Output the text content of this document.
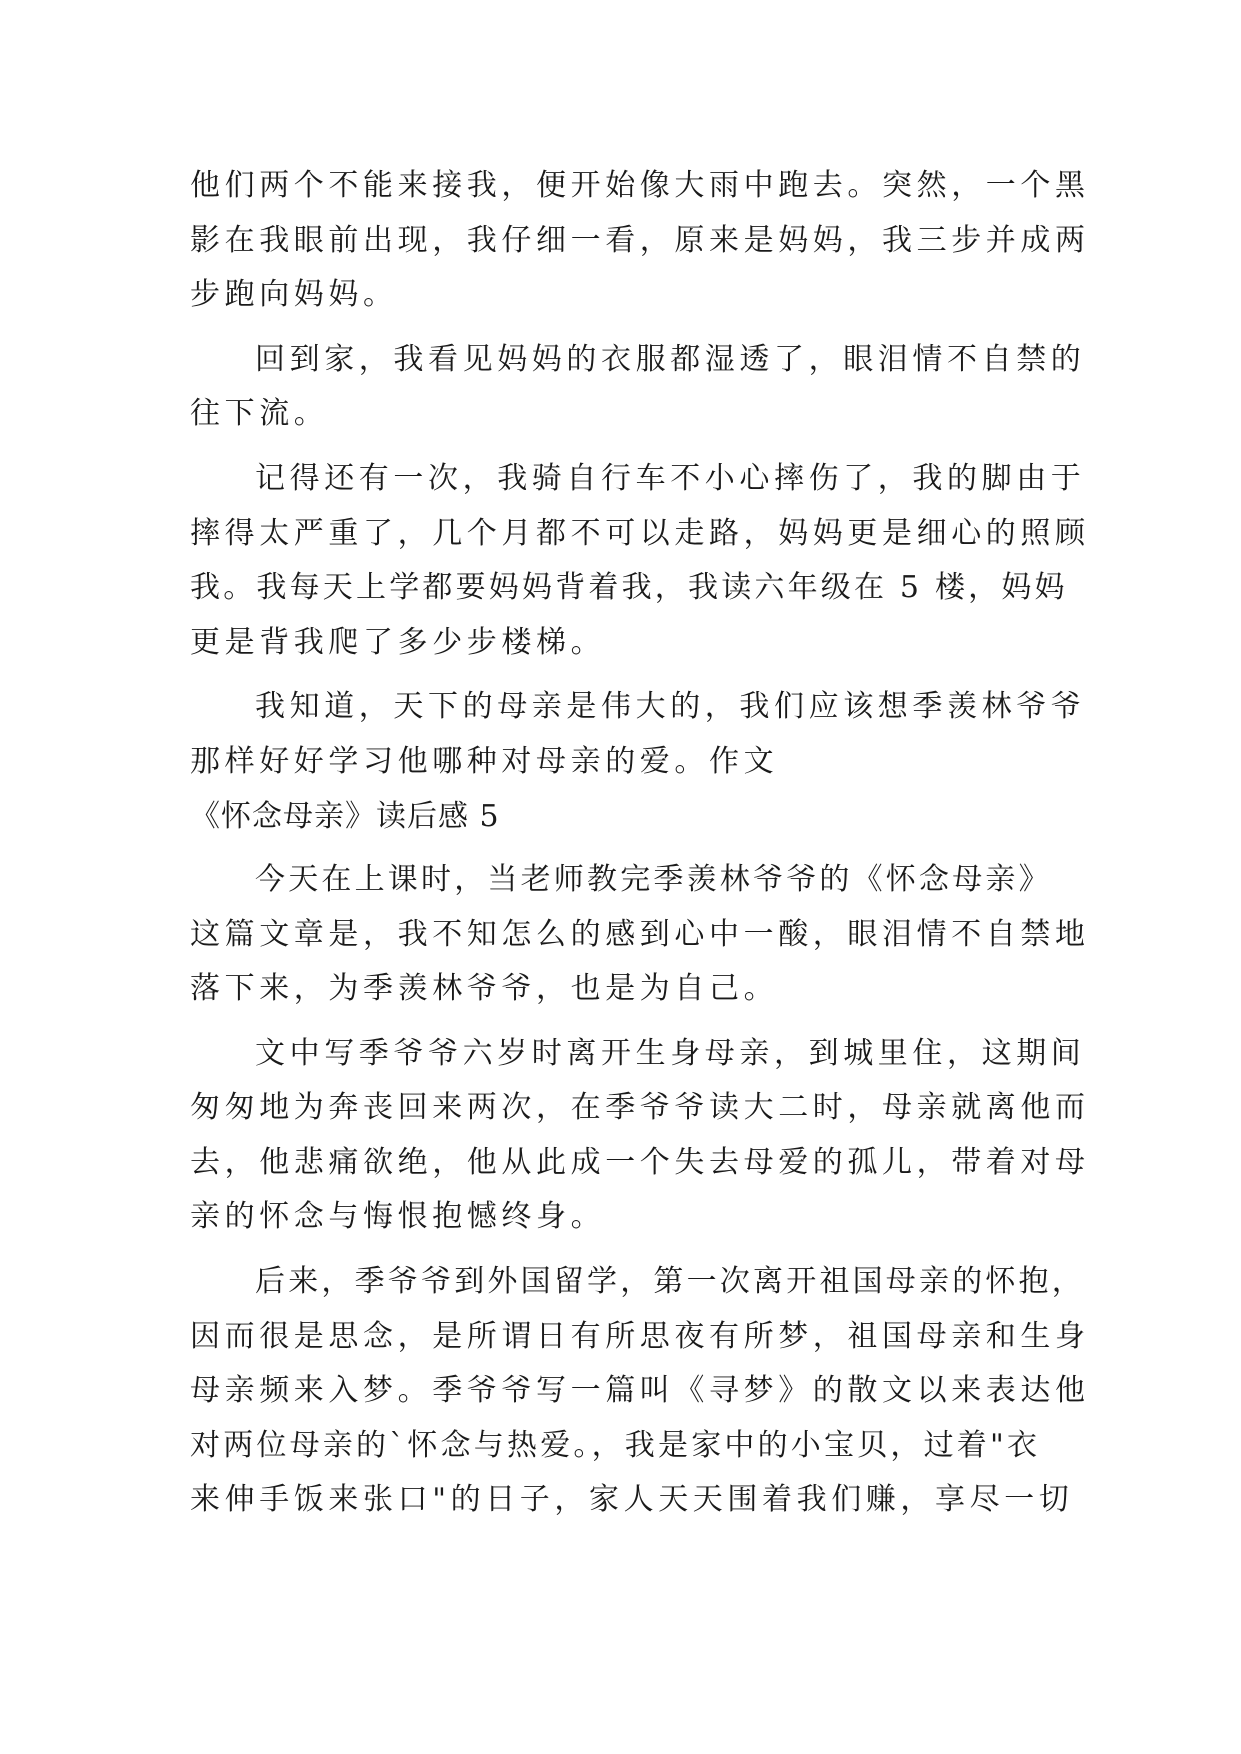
他们两个不能来接我，便开始像大雨中跑去。突然，一个黑
影在我眼前出现，我仔细一看，原来是妈妈，我三步并成两
步跑向妈妈。
回到家，我看见妈妈的衣服都湿透了，眼泪情不自禁的
往下流。
记得还有一次，我骑自行车不小心摔伤了，我的脚由于
摔得太严重了，几个月都不可以走路，妈妈更是细心的照顾
我。我每天上学都要妈妈背着我，我读六年级在 5 楼，妈妈
更是背我爬了多少步楼梯。
我知道，天下的母亲是伟大的，我们应该想季羡林爷爷
那样好好学习他哪种对母亲的爱。作文
《怀念母亲》读后感 5
今天在上课时，当老师教完季羡林爷爷的《怀念母亲》
这篇文章是，我不知怎么的感到心中一酸，眼泪情不自禁地
落下来，为季羡林爷爷，也是为自己。
文中写季爷爷六岁时离开生身母亲，到城里住，这期间
匆匆地为奔丧回来两次，在季爷爷读大二时，母亲就离他而
去，他悲痛欲绝，他从此成一个失去母爱的孤儿，带着对母
亲的怀念与悔恨抱憾终身。
后来，季爷爷到外国留学，第一次离开祖国母亲的怀抱，
因而很是思念，是所谓日有所思夜有所梦，祖国母亲和生身
母亲频来入梦。季爷爷写一篇叫《寻梦》的散文以来表达他
对两位母亲的`怀念与热爱。，我是家中的小宝贝，过着"衣
来伸手饭来张口"的日子，家人天天围着我们赚，享尽一切
